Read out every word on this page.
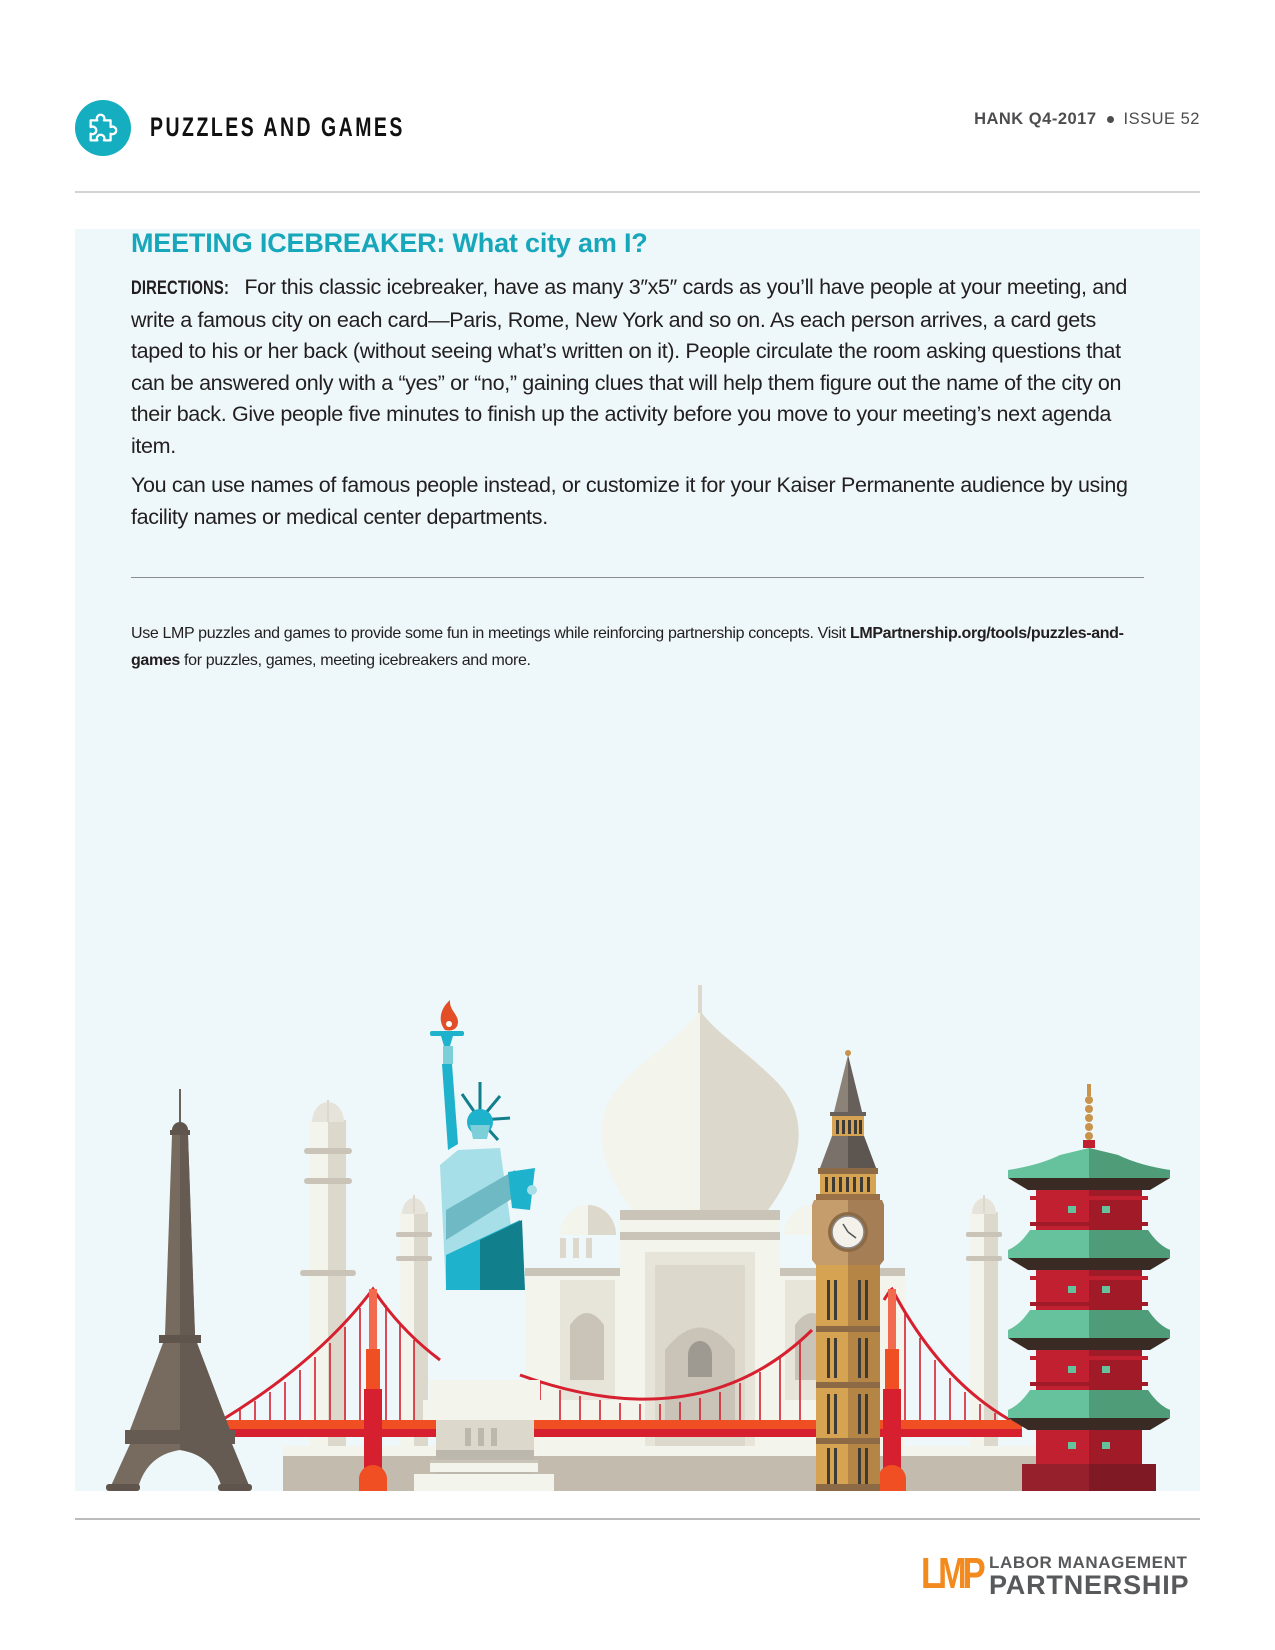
PUZZLES AND GAMES	HANK Q4-2017 ISSUE 52
MEETING ICEBREAKER: What city am I?

DIRECTIONS: For this classic icebreaker, have as many 3″x5″ cards as you’ll have people at your meeting, and write a famous city on each card—Paris, Rome, New York and so on. As each person arrives, a card gets taped to his or her back (without seeing what’s written on it). People circulate the room asking questions that can be answered only with a “yes” or “no,” gaining clues that will help them figure out the name of the city on their back. Give people five minutes to finish up the activity before you move to your meeting’s next agenda item.

You can use names of famous people instead, or customize it for your Kaiser Permanente audience by using facility names or medical center departments.

Use LMP puzzles and games to provide some fun in meetings while reinforcing partnership concepts. Visit LMPartnership.org/tools/puzzles-and-games for puzzles, games, meeting icebreakers and more.
LMP LABOR MANAGEMENT
PARTNERSHIP
